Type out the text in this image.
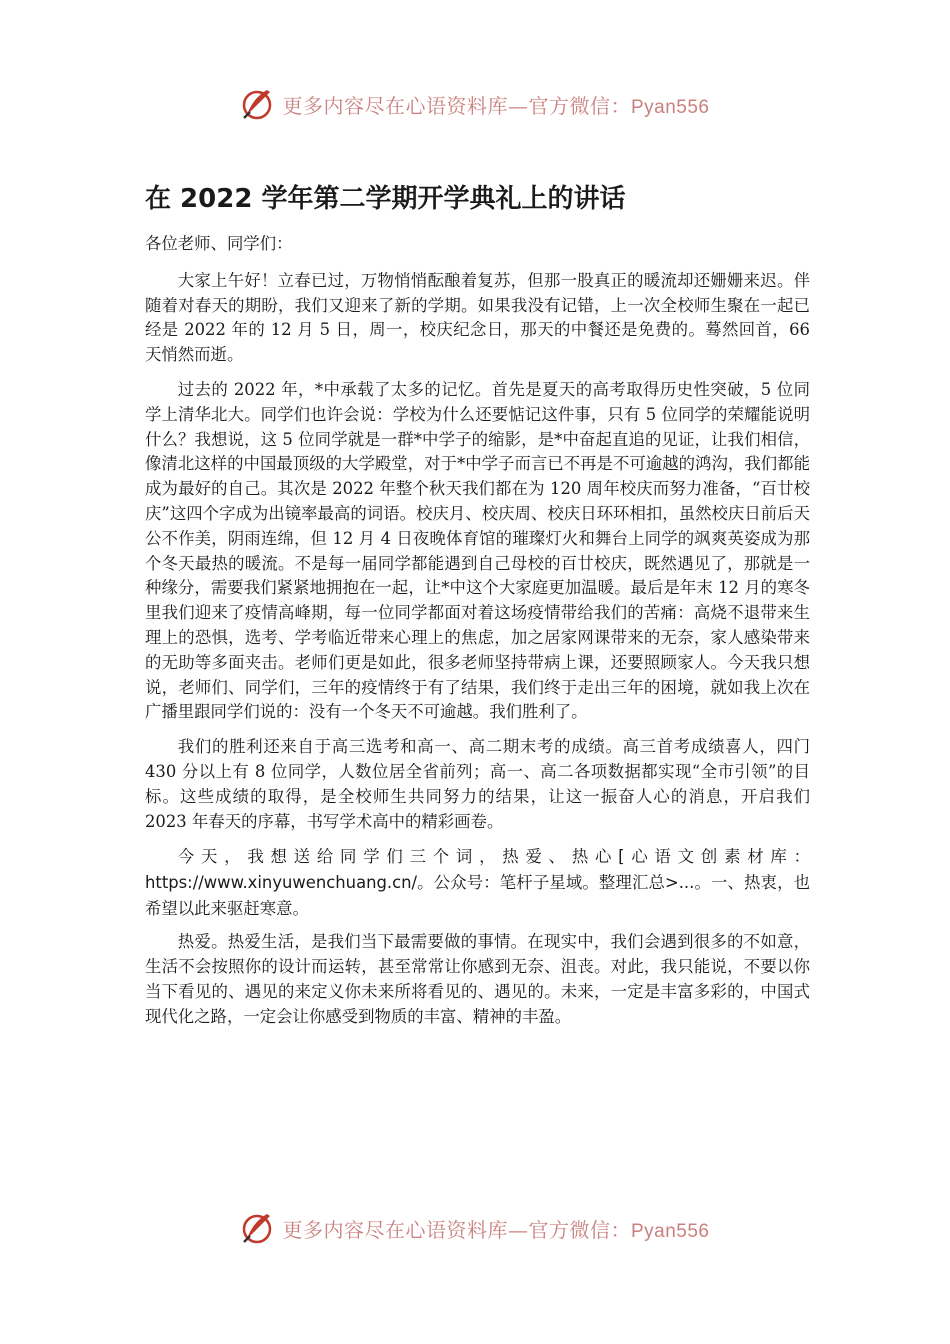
更多内容尽在心语资料库—官方微信：Pyan556
在 2022 学年第二学期开学典礼上的讲话

各位老师、同学们：

大家上午好！立春已过，万物悄悄酝酿着复苏，但那一股真正的暖流却还姗姗来迟。伴随着对春天的期盼，我们又迎来了新的学期。如果我没有记错，上一次全校师生聚在一起已经是 2022 年的 12 月 5 日，周一，校庆纪念日，那天的中餐还是免费的。蓦然回首，66 天悄然而逝。

过去的 2022 年，*中承载了太多的记忆。首先是夏天的高考取得历史性突破，5 位同学上清华北大。同学们也许会说：学校为什么还要惦记这件事，只有 5 位同学的荣耀能说明什么？我想说，这 5 位同学就是一群*中学子的缩影，是*中奋起直追的见证，让我们相信，像清北这样的中国最顶级的大学殿堂，对于*中学子而言已不再是不可逾越的鸿沟，我们都能成为最好的自己。其次是 2022 年整个秋天我们都在为 120 周年校庆而努力准备，“百廿校庆”这四个字成为出镜率最高的词语。校庆月、校庆周、校庆日环环相扣，虽然校庆日前后天公不作美，阴雨连绵，但 12 月 4 日夜晚体育馆的璀璨灯火和舞台上同学的飒爽英姿成为那个冬天最热的暖流。不是每一届同学都能遇到自己母校的百廿校庆，既然遇见了，那就是一种缘分，需要我们紧紧地拥抱在一起，让*中这个大家庭更加温暖。最后是年末 12 月的寒冬里我们迎来了疫情高峰期，每一位同学都面对着这场疫情带给我们的苦痛：高烧不退带来生理上的恐惧，选考、学考临近带来心理上的焦虑，加之居家网课带来的无奈，家人感染带来的无助等多面夹击。老师们更是如此，很多老师坚持带病上课，还要照顾家人。今天我只想说，老师们、同学们，三年的疫情终于有了结果，我们终于走出三年的困境，就如我上次在广播里跟同学们说的：没有一个冬天不可逾越。我们胜利了。

我们的胜利还来自于高三选考和高一、高二期末考的成绩。高三首考成绩喜人，四门 430 分以上有 8 位同学，人数位居全省前列；高一、高二各项数据都实现“全市引领”的目标。这些成绩的取得，是全校师生共同努力的结果，让这一振奋人心的消息，开启我们 2023 年春天的序幕，书写学术高中的精彩画卷。

今天，我想送给同学们三个词，热爱、热心[心语文创素材库：https://www.xinyuwenchuang.cn/。公众号：笔杆子星域。整理汇总>...。一、热衷，也希望以此来驱赶寒意。

热爱。热爱生活，是我们当下最需要做的事情。在现实中，我们会遇到很多的不如意，生活不会按照你的设计而运转，甚至常常让你感到无奈、沮丧。对此，我只能说，不要以你当下看见的、遇见的来定义你未来所将看见的、遇见的。未来，一定是丰富多彩的，中国式现代化之路，一定会让你感受到物质的丰富、精神的丰盈。

更多内容尽在心语资料库—官方微信：Pyan556
